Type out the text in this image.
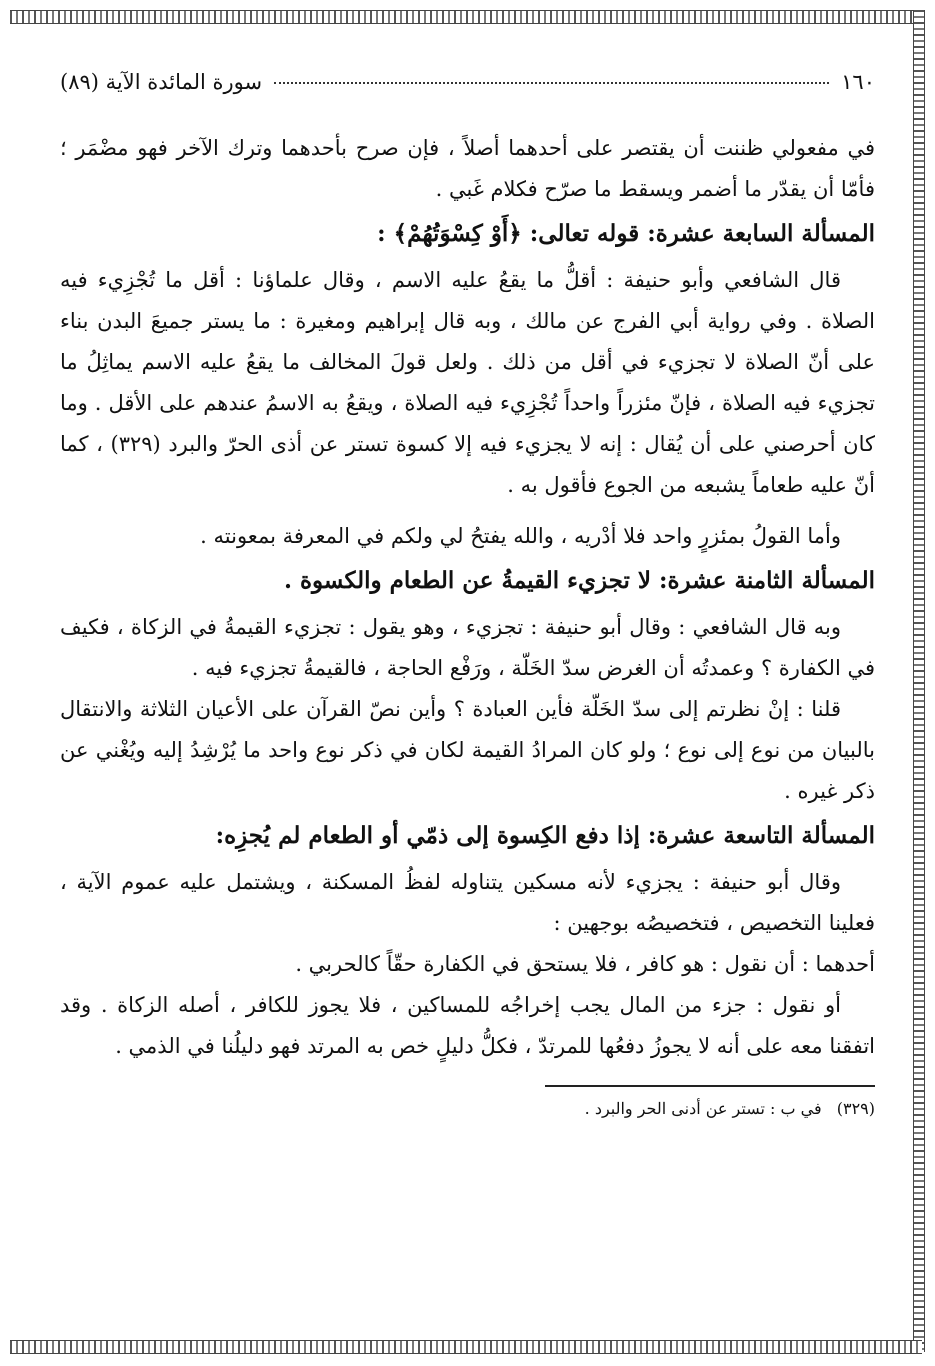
١٦٠
سورة المائدة الآية (٨٩)

في مفعولي ظننت أن يقتصر على أحدهما أصلاً ، فإن صرح بأحدهما وترك الآخر فهو مضْمَر ؛ فأمّا أن يقدّر ما أضمر ويسقط ما صرّح فكلام غَبي .

المسألة السابعة عشرة: قوله تعالى: ﴿أَوْ كِسْوَتُهُمْ﴾ :

قال الشافعي وأبو حنيفة : أقلُّ ما يقعُ عليه الاسم ، وقال علماؤنا : أقل ما تُجْزِيء فيه الصلاة . وفي رواية أبي الفرج عن مالك ، وبه قال إبراهيم ومغيرة : ما يستر جميعَ البدن بناء على أنّ الصلاة لا تجزيء في أقل من ذلك . ولعل قولَ المخالف ما يقعُ عليه الاسم يماثِلُ ما تجزيء فيه الصلاة ، فإنّ مئزراً واحداً تُجْزِيء فيه الصلاة ، ويقعُ به الاسمُ عندهم على الأقل . وما كان أحرصني على أن يُقال : إنه لا يجزيء فيه إلا كسوة تستر عن أذى الحرّ والبرد (٣٢٩) ، كما أنّ عليه طعاماً يشبعه من الجوع فأقول به .

وأما القولُ بمئزرٍ واحد فلا أدْريه ، والله يفتحُ لي ولكم في المعرفة بمعونته .

المسألة الثامنة عشرة: لا تجزيء القيمةُ عن الطعام والكسوة .

وبه قال الشافعي : وقال أبو حنيفة : تجزيء ، وهو يقول : تجزيء القيمةُ في الزكاة ، فكيف في الكفارة ؟ وعمدتُه أن الغرض سدّ الخَلّة ، ورَفْع الحاجة ، فالقيمةُ تجزيء فيه .

قلنا : إنْ نظرتم إلى سدّ الخَلّة فأين العبادة ؟ وأين نصّ القرآن على الأعيان الثلاثة والانتقال بالبيان من نوع إلى نوع ؛ ولو كان المرادُ القيمة لكان في ذكر نوع واحد ما يُرْشِدُ إليه ويُغْني عن ذكر غيره .

المسألة التاسعة عشرة: إذا دفع الكِسوة إلى ذمّي أو الطعام لم يُجزِه:

وقال أبو حنيفة : يجزيء لأنه مسكين يتناوله لفظُ المسكنة ، ويشتمل عليه عموم الآية ، فعلينا التخصيص ، فتخصيصُه بوجهين :

أحدهما : أن نقول : هو كافر ، فلا يستحق في الكفارة حقّاً كالحربي .

أو نقول : جزء من المال يجب إخراجُه للمساكين ، فلا يجوز للكافر ، أصله الزكاة . وقد اتفقنا معه على أنه لا يجوزُ دفعُها للمرتدّ ، فكلُّ دليلٍ خص به المرتد فهو دليلُنا في الذمي .

(٣٢٩) في ب : تستر عن أدنى الحر والبرد .
